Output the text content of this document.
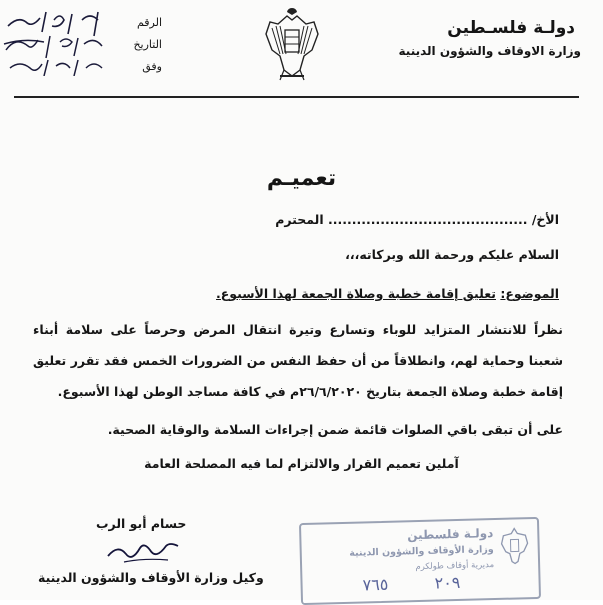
دولـة فلسـطين
وزارة الاوقاف والشؤون الدينية
الرقم
التاريخ
وفق
تعميـم
الأخ/ .......................................... المحترم
السلام عليكم ورحمة الله وبركاته،،،
الموضوع: تعليق إقامة خطبة وصلاة الجمعة لهذا الأسبوع.
نظراً للانتشار المتزايد للوباء وتسارع وتيرة انتقال المرض وحرصاً على سلامة أبناء شعبنا وحماية لهم، وانطلاقاً من أن حفظ النفس من الضرورات الخمس فقد تقرر تعليق إقامة خطبة وصلاة الجمعة بتاريخ ٢٦/٦/٢٠٢٠م في كافة مساجد الوطن لهذا الأسبوع.
على أن تبقى باقي الصلوات قائمة ضمن إجراءات السلامة والوقاية الصحية.
آملين تعميم القرار والالتزام لما فيه المصلحة العامة
حسام أبو الرب
وكيل وزارة الأوقاف والشؤون الدينية
دولـة فلسطين
وزارة الأوقاف والشؤون الدينية
مديرية أوقاف طولكرم
٧٦٥	٢٠٩
